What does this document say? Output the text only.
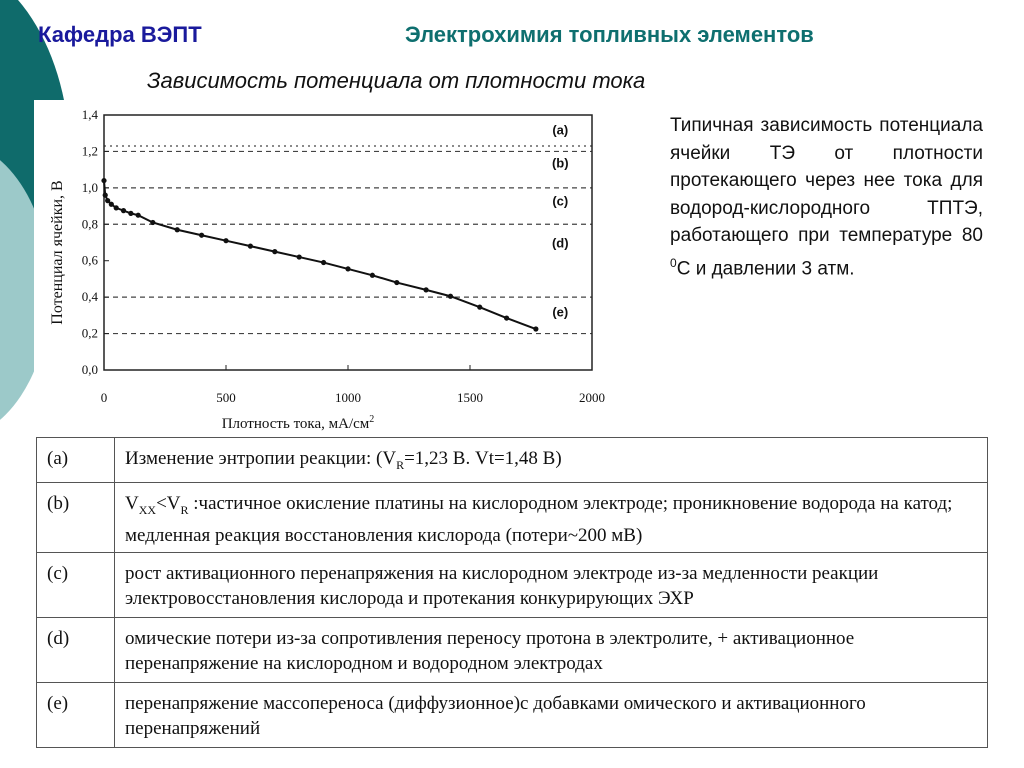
Кафедра ВЭПТ	Электрохимия топливных элементов
Зависимость потенциала от плотности тока
Типичная зависимость потенциала ячейки ТЭ от плотности протекающего через нее тока для водород-кислородного ТПТЭ, работающего при температуре 80 $^0$С и давлении 3 атм.
0,0
0,2
0,4
0,6
0,8
1,0
1,2
1,4
0	500	1000	1500	2000
(a)
(b)
(c)
(d)
(e)
Плотность тока, $мА/см^2$
Потенциал ячейки, В
(a)	Изменение энтропии реакции: ($V_R=1,23$ В. Vt=1,48 В)
(b)	$V_{XX}<V_R$ :частичное окисление платины на кислородном электроде; проникновение водорода на катод; медленная реакция восстановления кислорода (потери~200 мВ)
(c)	рост активационного перенапряжения на кислородном электроде из-за медленности реакции электровосстановления кислорода и протекания конкурирующих ЭХР
(d)	омические потери из-за сопротивления переносу протона в электролите, + активационное перенапряжение на кислородном и водородном электродах
(e)	перенапряжение массопереноса (диффузионное)с добавками омического и активационного перенапряжений
